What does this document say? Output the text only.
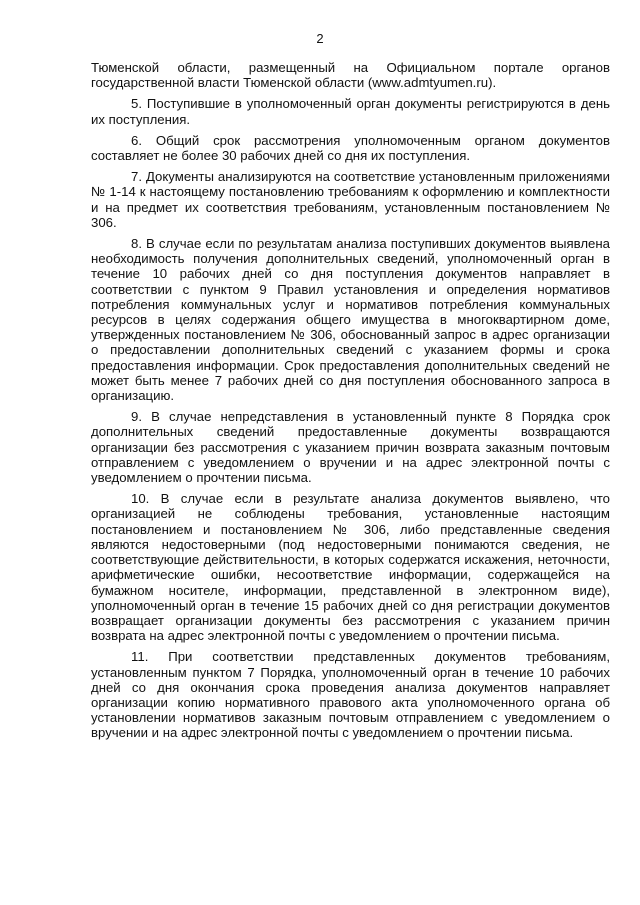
2

Тюменской области, размещенный на Официальном портале органов государственной власти Тюменской области (www.admtyumen.ru).

5. Поступившие в уполномоченный орган документы регистрируются в день их поступления.

6. Общий срок рассмотрения уполномоченным органом документов составляет не более 30 рабочих дней со дня их поступления.

7. Документы анализируются на соответствие установленным приложениями № 1-14 к настоящему постановлению требованиям к оформлению и комплектности и на предмет их соответствия требованиям, установленным постановлением № 306.

8. В случае если по результатам анализа поступивших документов выявлена необходимость получения дополнительных сведений, уполномоченный орган в течение 10 рабочих дней со дня поступления документов направляет в соответствии с пунктом 9 Правил установления и определения нормативов потребления коммунальных услуг и нормативов потребления коммунальных ресурсов в целях содержания общего имущества в многоквартирном доме, утвержденных постановлением № 306, обоснованный запрос в адрес организации о предоставлении дополнительных сведений с указанием формы и срока предоставления информации. Срок предоставления дополнительных сведений не может быть менее 7 рабочих дней со дня поступления обоснованного запроса в организацию.

9. В случае непредставления в установленный пункте 8 Порядка срок дополнительных сведений предоставленные документы возвращаются организации без рассмотрения с указанием причин возврата заказным почтовым отправлением с уведомлением о вручении и на адрес электронной почты с уведомлением о прочтении письма.

10. В случае если в результате анализа документов выявлено, что организацией не соблюдены требования, установленные настоящим постановлением и постановлением № 306, либо представленные сведения являются недостоверными (под недостоверными понимаются сведения, не соответствующие действительности, в которых содержатся искажения, неточности, арифметические ошибки, несоответствие информации, содержащейся на бумажном носителе, информации, представленной в электронном виде), уполномоченный орган в течение 15 рабочих дней со дня регистрации документов возвращает организации документы без рассмотрения с указанием причин возврата на адрес электронной почты с уведомлением о прочтении письма.

11. При соответствии представленных документов требованиям, установленным пунктом 7 Порядка, уполномоченный орган в течение 10 рабочих дней со дня окончания срока проведения анализа документов направляет организации копию нормативного правового акта уполномоченного органа об установлении нормативов заказным почтовым отправлением с уведомлением о вручении и на адрес электронной почты с уведомлением о прочтении письма.
